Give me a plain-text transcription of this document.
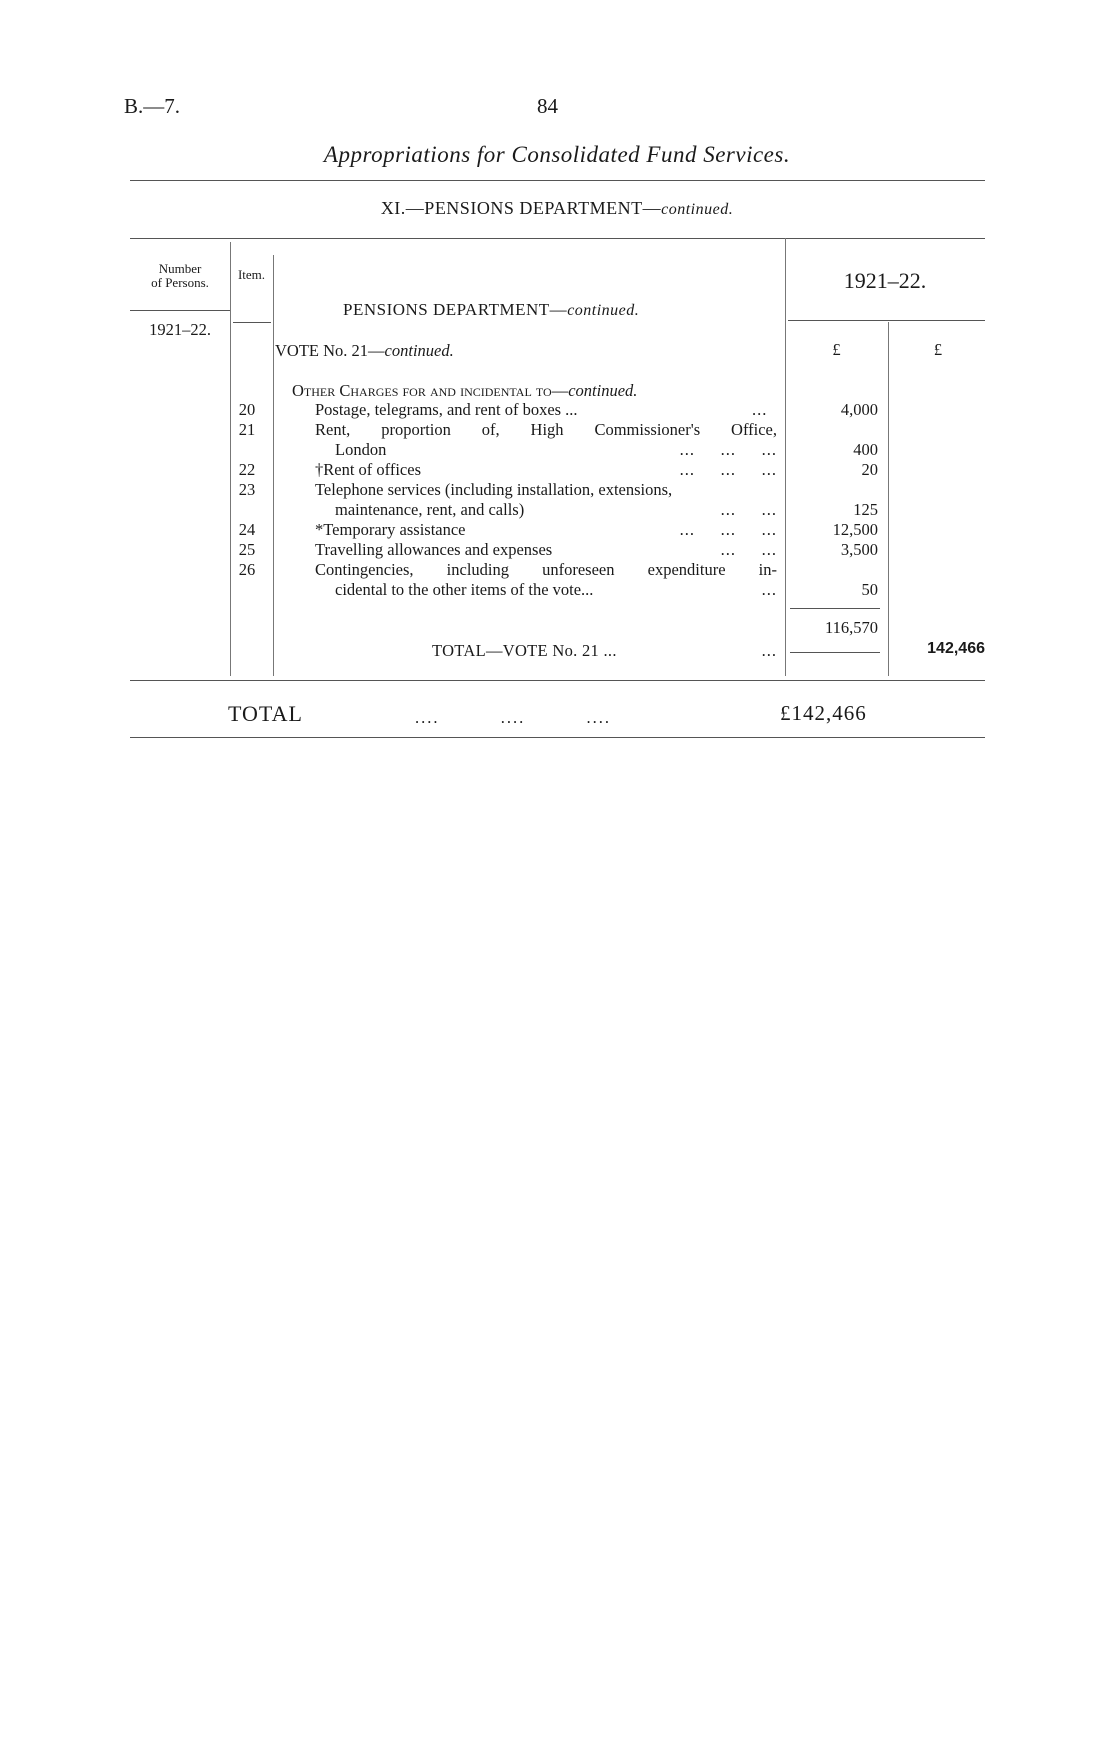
B.—7.	84
Appropriations for Consolidated Fund Services.
XI.—PENSIONS DEPARTMENT—continued.
Number
of Persons.
1921–22.
Item.	1921–22.
£	£
PENSIONS DEPARTMENT—continued.
VOTE No. 21—continued.
Other Charges for and incidental to—continued.
20	Postage, telegrams, and rent of boxes ...	...	4,000
21	Rent, proportion of, High Commissioner's Office,
London	...     ...     ...	400
22	†Rent of offices	...     ...     ...	20
23	Telephone services (including installation, extensions,
maintenance, rent, and calls)	...     ...	125
24	*Temporary assistance	...     ...     ...	12,500
25	Travelling allowances and expenses	...     ...	3,500
26	Contingencies, including unforeseen expenditure in-
cidental to the other items of the vote...	...	50
116,570
TOTAL—VOTE No. 21 ...	...	142,466
TOTAL	....          ....          ....	£142,466
